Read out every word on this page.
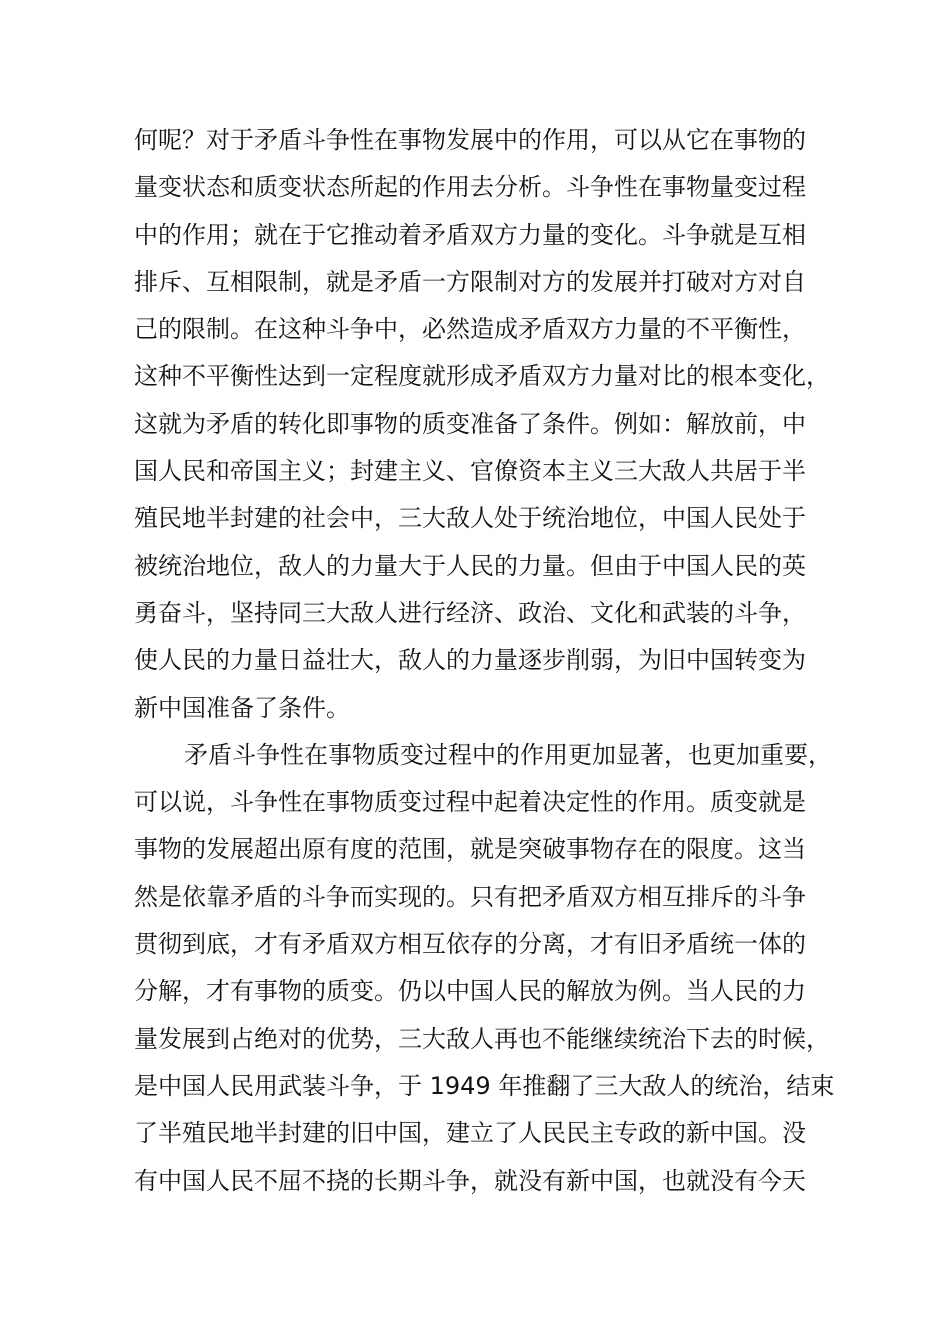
何呢？对于矛盾斗争性在事物发展中的作用，可以从它在事物的
量变状态和质变状态所起的作用去分析。斗争性在事物量变过程
中的作用；就在于它推动着矛盾双方力量的变化。斗争就是互相
排斥、互相限制，就是矛盾一方限制对方的发展并打破对方对自
己的限制。在这种斗争中，必然造成矛盾双方力量的不平衡性，
这种不平衡性达到一定程度就形成矛盾双方力量对比的根本变化，
这就为矛盾的转化即事物的质变准备了条件。例如：解放前，中
国人民和帝国主义；封建主义、官僚资本主义三大敌人共居于半
殖民地半封建的社会中，三大敌人处于统治地位，中国人民处于
被统治地位，敌人的力量大于人民的力量。但由于中国人民的英
勇奋斗，坚持同三大敌人进行经济、政治、文化和武装的斗争，
使人民的力量日益壮大，敌人的力量逐步削弱，为旧中国转变为
新中国准备了条件。
矛盾斗争性在事物质变过程中的作用更加显著，也更加重要，
可以说，斗争性在事物质变过程中起着决定性的作用。质变就是
事物的发展超出原有度的范围，就是突破事物存在的限度。这当
然是依靠矛盾的斗争而实现的。只有把矛盾双方相互排斥的斗争
贯彻到底，才有矛盾双方相互依存的分离，才有旧矛盾统一体的
分解，才有事物的质变。仍以中国人民的解放为例。当人民的力
量发展到占绝对的优势，三大敌人再也不能继续统治下去的时候，
是中国人民用武装斗争，于 1949 年推翻了三大敌人的统治，结束
了半殖民地半封建的旧中国，建立了人民民主专政的新中国。没
有中国人民不屈不挠的长期斗争，就没有新中国，也就没有今天
